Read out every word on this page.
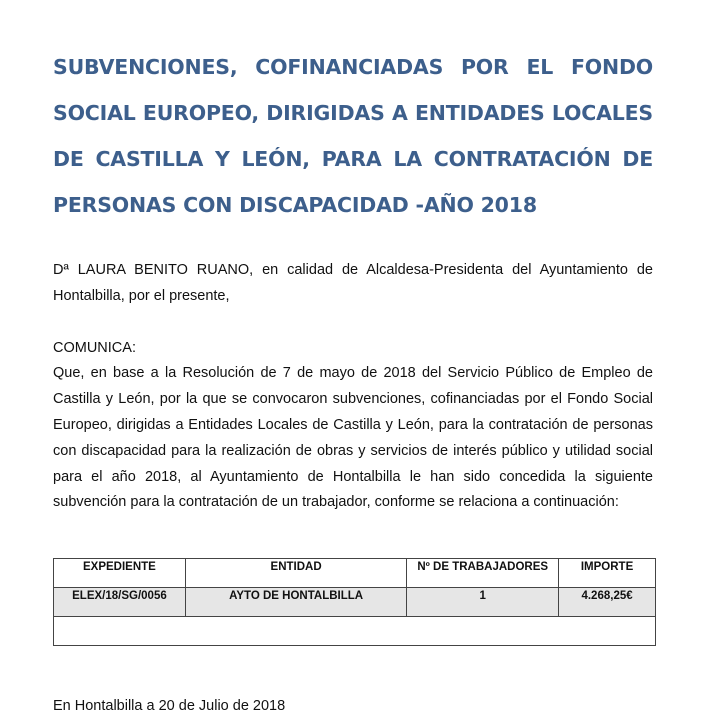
SUBVENCIONES, COFINANCIADAS POR EL FONDO SOCIAL EUROPEO, DIRIGIDAS A ENTIDADES LOCALES DE CASTILLA Y LEÓN, PARA LA CONTRATACIÓN DE PERSONAS CON DISCAPACIDAD -AÑO 2018

Dª LAURA BENITO RUANO, en calidad de Alcaldesa-Presidenta del Ayuntamiento de Hontalbilla, por el presente,

COMUNICA:

Que, en base a la Resolución de 7 de mayo de 2018 del Servicio Público de Empleo de Castilla y León, por la que se convocaron subvenciones, cofinanciadas por el Fondo Social Europeo, dirigidas a Entidades Locales de Castilla y León, para la contratación de personas con discapacidad para la realización de obras y servicios de interés público y utilidad social para el año 2018, al Ayuntamiento de Hontalbilla le han sido concedida la siguiente subvención para la contratación de un trabajador, conforme se relaciona a continuación:

EXPEDIENTE	ENTIDAD	Nº DE TRABAJADORES	IMPORTE
ELEX/18/SG/0056	AYTO DE HONTALBILLA	1	4.268,25€

En Hontalbilla a 20 de Julio de 2018
